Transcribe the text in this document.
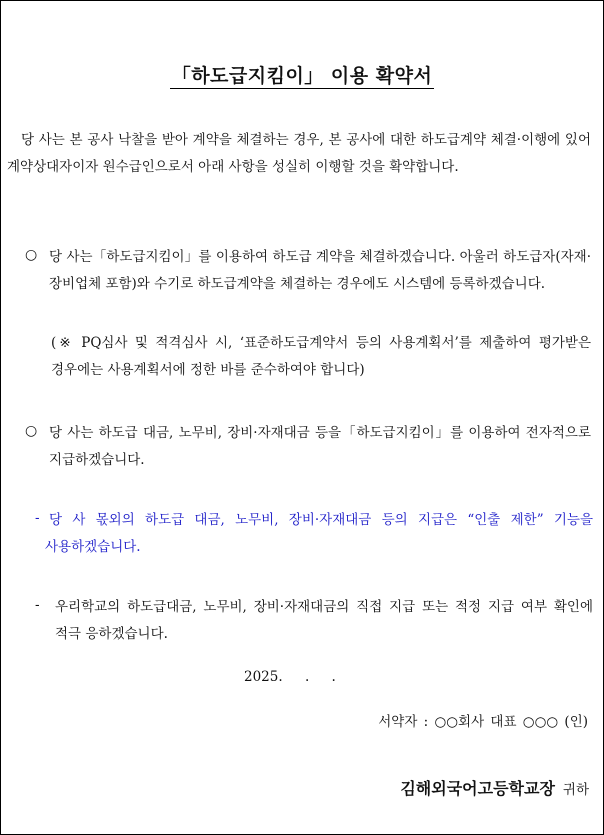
「하도급지킴이」 이용 확약서

당 사는 본 공사 낙찰을 받아 계약을 체결하는 경우, 본 공사에 대한 하도급계약 체결·이행에 있어 계약상대자이자 원수급인으로서 아래 사항을 성실히 이행할 것을 확약합니다.

○ 당 사는「하도급지킴이」를 이용하여 하도급 계약을 체결하겠습니다. 아울러 하도급자(자재·장비업체 포함)와 수기로 하도급계약을 체결하는 경우에도 시스템에 등록하겠습니다.

(※ PQ심사 및 적격심사 시, ‘표준하도급계약서 등의 사용계획서’를 제출하여 평가받은 경우에는 사용계획서에 정한 바를 준수하여야 합니다)

○ 당 사는 하도급 대금, 노무비, 장비·자재대금 등을「하도급지킴이」를 이용하여 전자적으로 지급하겠습니다.

- 당 사 몫외의 하도급 대금, 노무비, 장비·자재대금 등의 지급은 “인출 제한” 기능을 사용하겠습니다.

- 우리학교의 하도급대금, 노무비, 장비·자재대금의 직접 지급 또는 적정 지급 여부 확인에 적극 응하겠습니다.

2025. . .
서약자 : ○○회사 대표 ○○○ (인)
김해외국어고등학교장 귀하
